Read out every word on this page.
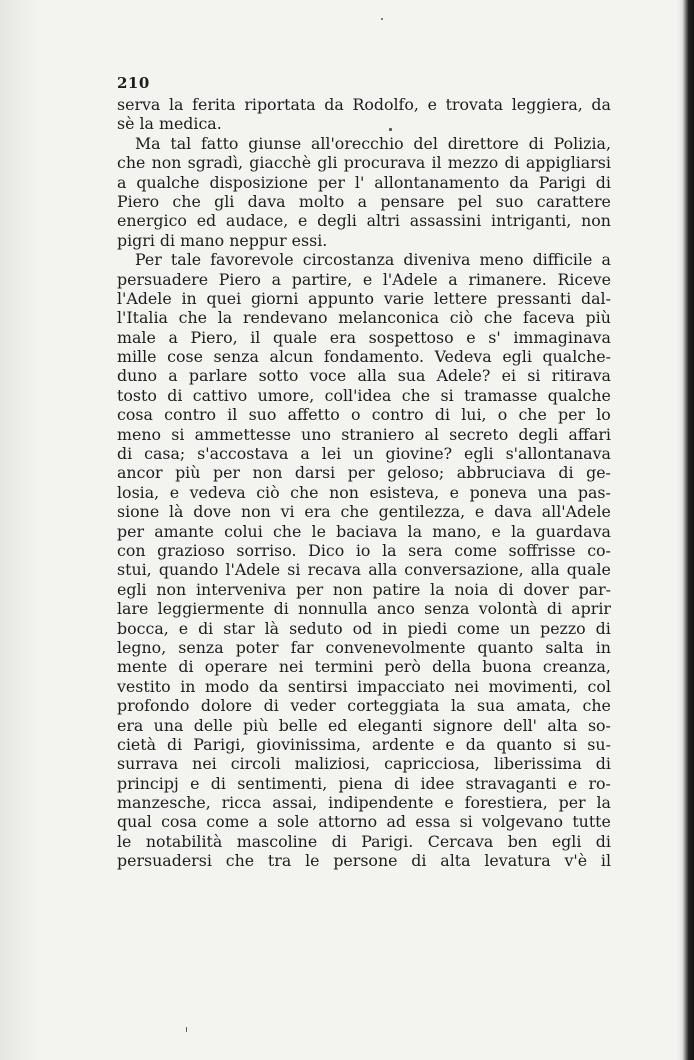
210
serva la ferita riportata da Rodolfo, e trovata leggiera, da
sè la medica.
Ma tal fatto giunse all'orecchio del direttore di Polizia,
che non sgradì, giacchè gli procurava il mezzo di appigliarsi
a qualche disposizione per l' allontanamento da Parigi di
Piero che gli dava molto a pensare pel suo carattere
energico ed audace, e degli altri assassini intriganti, non
pigri di mano neppur essi.
Per tale favorevole circostanza diveniva meno difficile a
persuadere Piero a partire, e l'Adele a rimanere. Riceve
l'Adele in quei giorni appunto varie lettere pressanti dal-
l'Italia che la rendevano melanconica ciò che faceva più
male a Piero, il quale era sospettoso e s' immaginava
mille cose senza alcun fondamento. Vedeva egli qualche-
duno a parlare sotto voce alla sua Adele? ei si ritirava
tosto di cattivo umore, coll'idea che si tramasse qualche
cosa contro il suo affetto o contro di lui, o che per lo
meno si ammettesse uno straniero al secreto degli affari
di casa; s'accostava a lei un giovine? egli s'allontanava
ancor più per non darsi per geloso; abbruciava di ge-
losia, e vedeva ciò che non esisteva, e poneva una pas-
sione là dove non vi era che gentilezza, e dava all'Adele
per amante colui che le baciava la mano, e la guardava
con grazioso sorriso. Dico io la sera come soffrisse co-
stui, quando l'Adele si recava alla conversazione, alla quale
egli non interveniva per non patire la noia di dover par-
lare leggiermente di nonnulla anco senza volontà di aprir
bocca, e di star là seduto od in piedi come un pezzo di
legno, senza poter far convenevolmente quanto salta in
mente di operare nei termini però della buona creanza,
vestito in modo da sentirsi impacciato nei movimenti, col
profondo dolore di veder corteggiata la sua amata, che
era una delle più belle ed eleganti signore dell' alta so-
cietà di Parigi, giovinissima, ardente e da quanto si su-
surrava nei circoli maliziosi, capricciosa, liberissima di
principj e di sentimenti, piena di idee stravaganti e ro-
manzesche, ricca assai, indipendente e forestiera, per la
qual cosa come a sole attorno ad essa si volgevano tutte
le notabilità mascoline di Parigi. Cercava ben egli di
persuadersi che tra le persone di alta levatura v'è il
